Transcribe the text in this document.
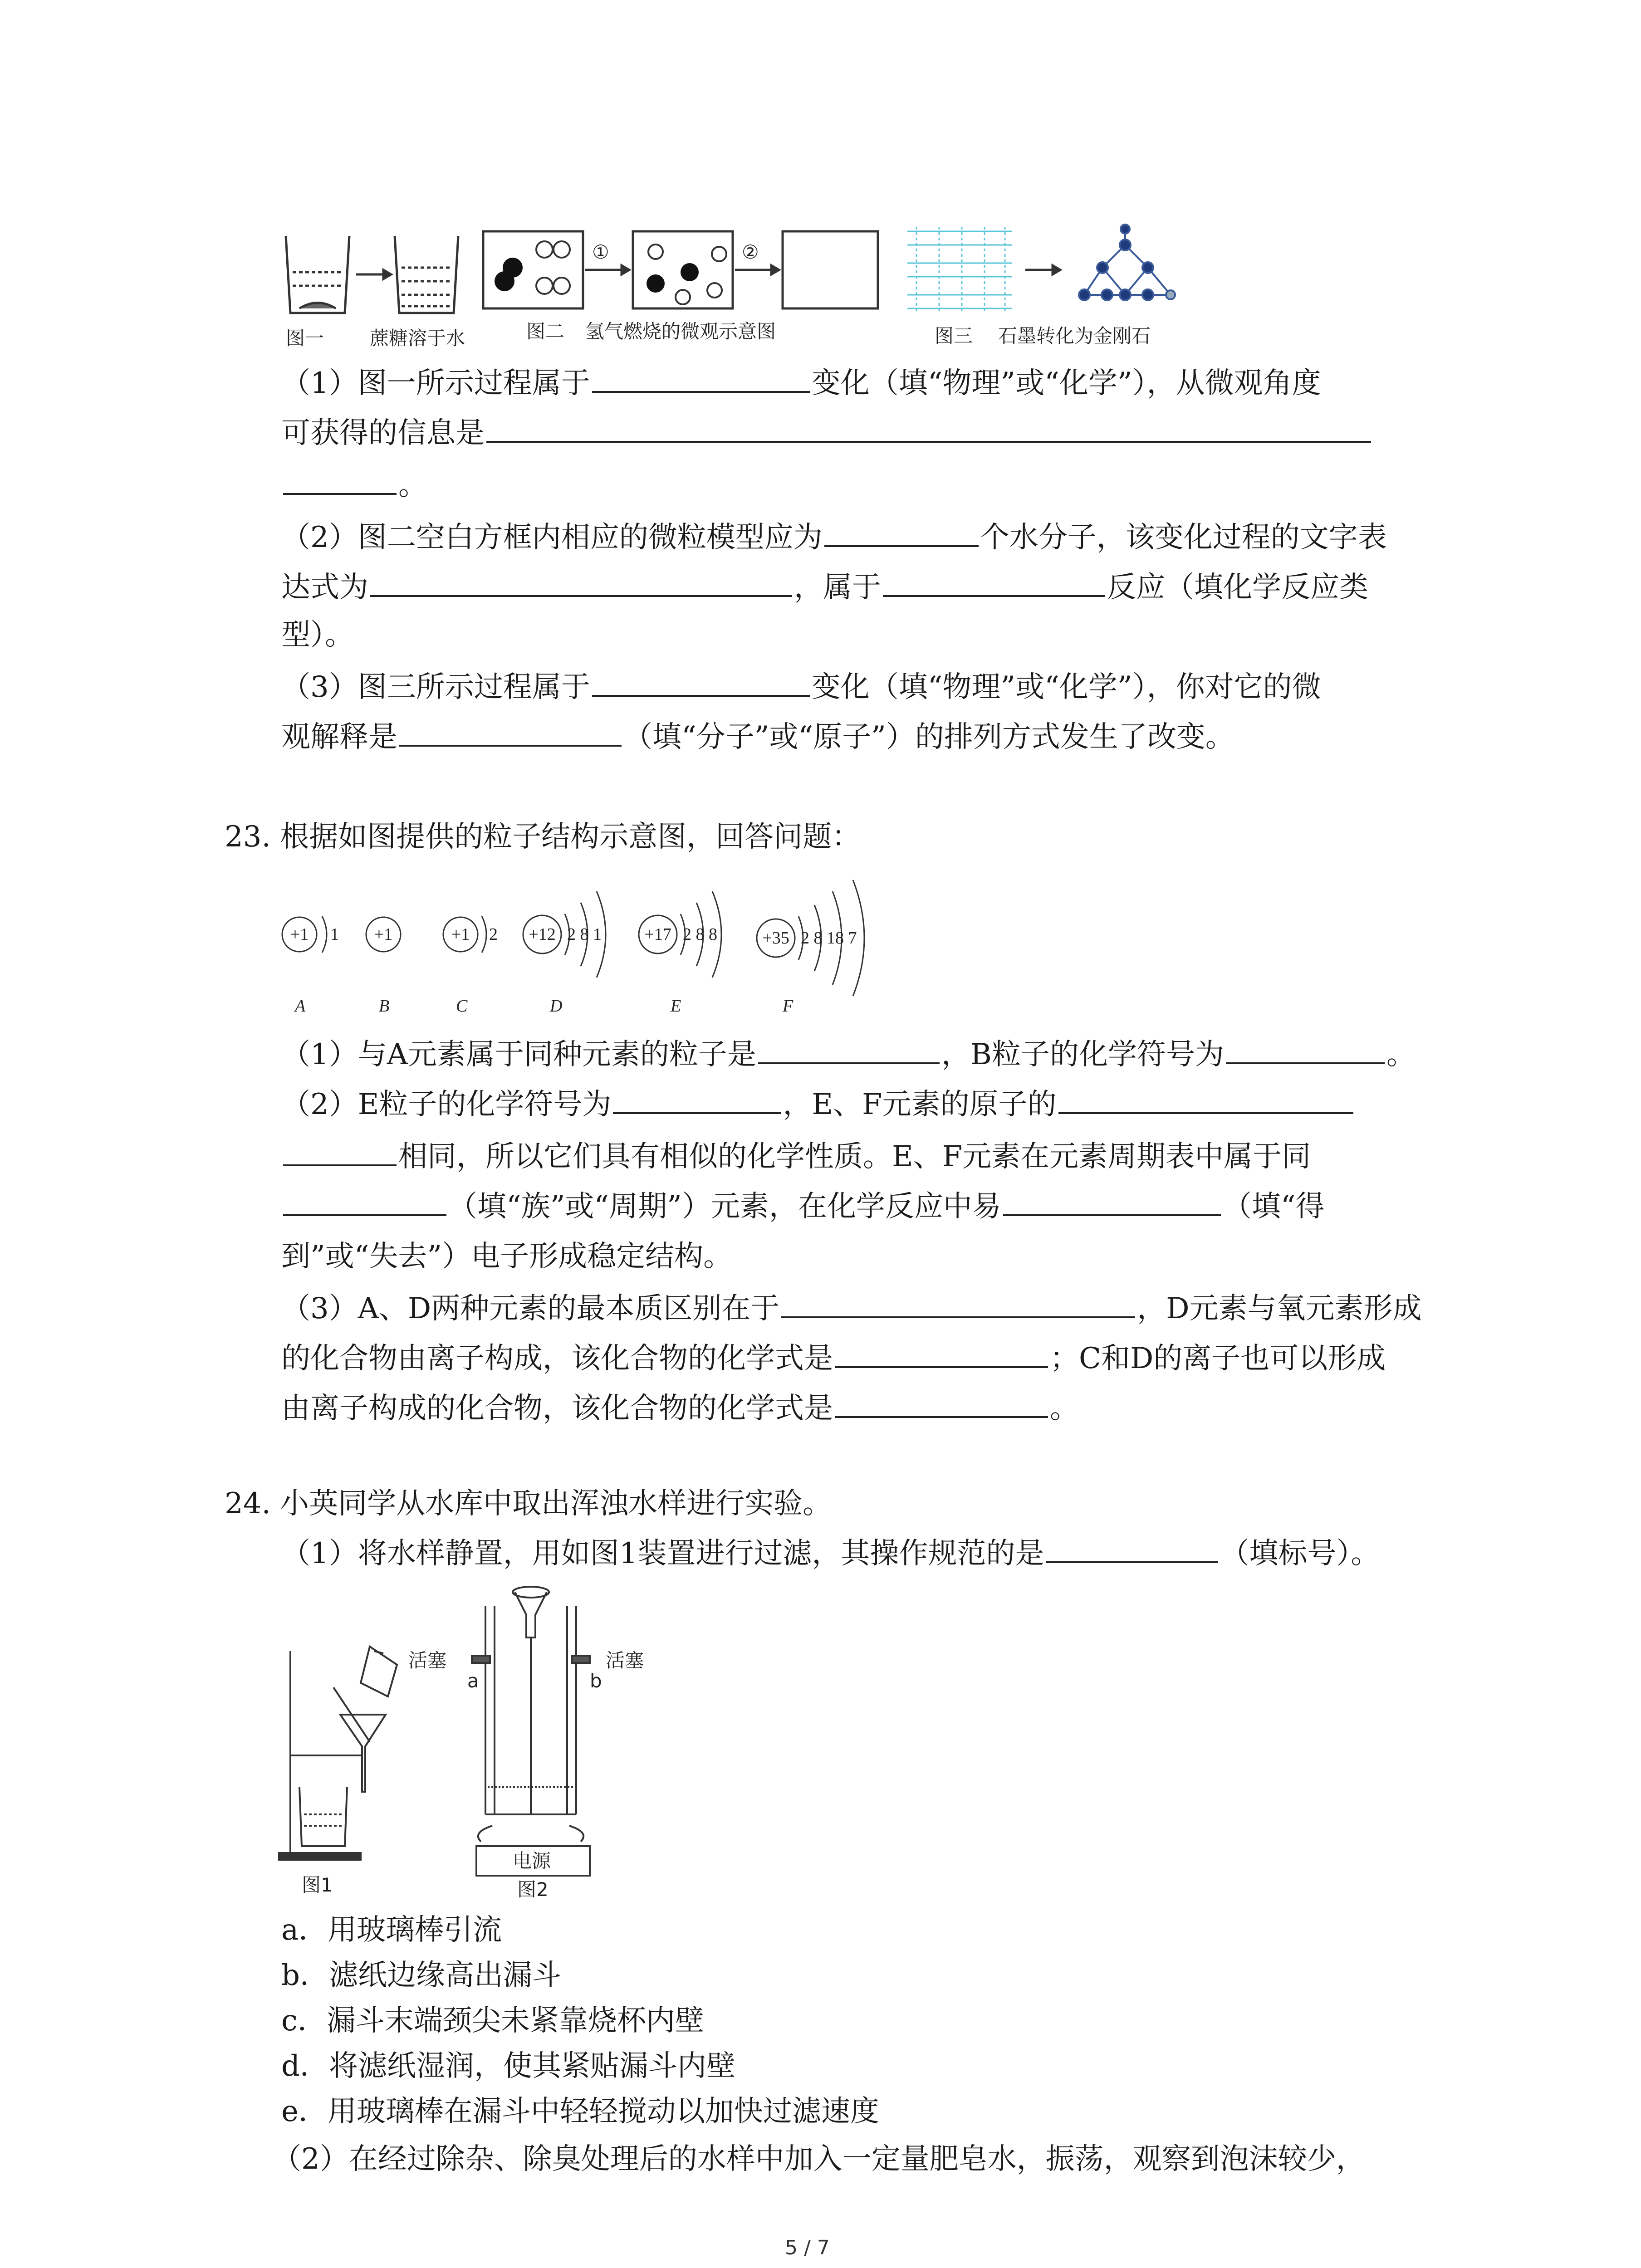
图一 蔗糖溶于水
①	②
图二 氢气燃烧的微观示意图	图三 石墨转化为金刚石
（1）图一所示过程属于	变化（填“物理”或“化学”），从微观角度
可获得的信息是
。
（2）图二空白方框内相应的微粒模型应为	个水分子，该变化过程的文字表
达式为	，属于	反应（填化学反应类
型）。
（3）图三所示过程属于	变化（填“物理”或“化学”），你对它的微
观解释是	（填“分子”或“原子”）的排列方式发生了改变。
23. 根据如图提供的粒子结构示意图，回答问题：
+1 1
A
+1
B
+1 2
C
+12 2 8 1
D
+17 2 8 8
E
+35 2 8 18 7
F
（1）与A元素属于同种元素的粒子是	，B粒子的化学符号为	。
（2）E粒子的化学符号为	，E、F元素的原子的
相同，所以它们具有相似的化学性质。E、F元素在元素周期表中属于同
（填“族”或“周期”）元素，在化学反应中易	（填“得
到”或“失去”）电子形成稳定结构。
（3）A、D两种元素的最本质区别在于	，D元素与氧元素形成
的化合物由离子构成，该化合物的化学式是	；C和D的离子也可以形成
由离子构成的化合物，该化合物的化学式是	。
24. 小英同学从水库中取出浑浊水样进行实验。
（1）将水样静置，用如图1装置进行过滤，其操作规范的是	（填标号）。
图1
活塞	活塞
a	b
电源
图2
a．用玻璃棒引流
b．滤纸边缘高出漏斗
c．漏斗末端颈尖未紧靠烧杯内壁
d．将滤纸湿润，使其紧贴漏斗内壁
e．用玻璃棒在漏斗中轻轻搅动以加快过滤速度
（2）在经过除杂、除臭处理后的水样中加入一定量肥皂水，振荡，观察到泡沫较少，
5 / 7
